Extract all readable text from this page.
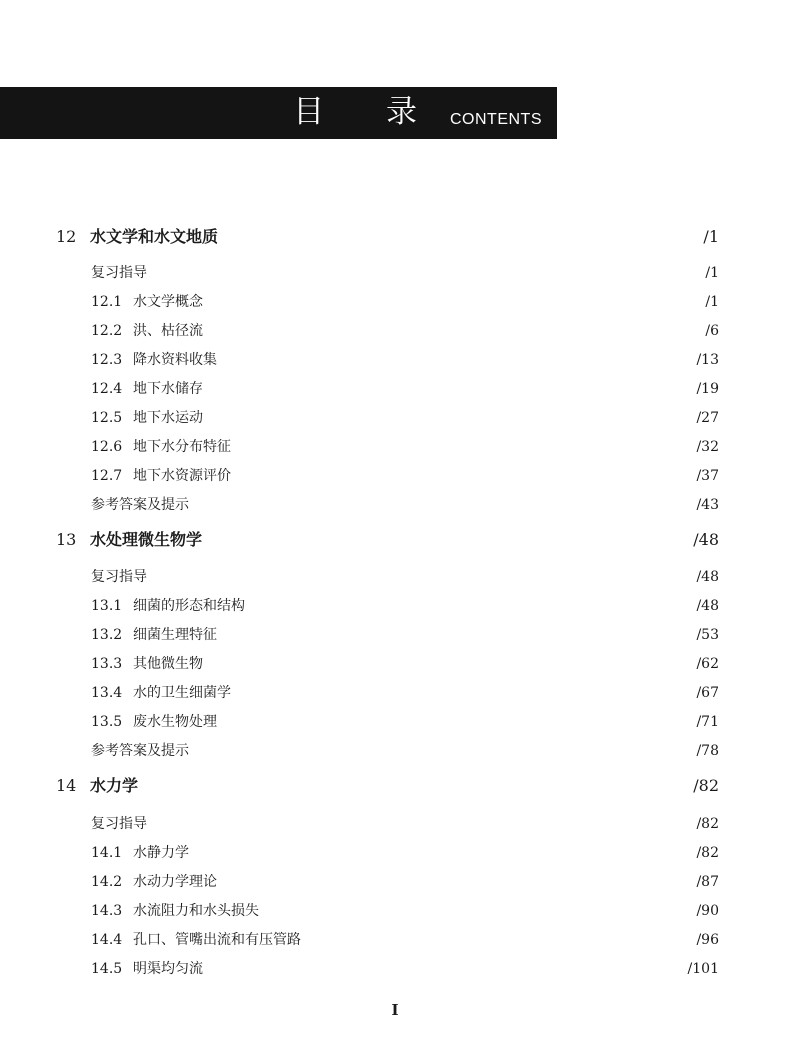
目 录 CONTENTS
12 水文学和水文地质	/1
复习指导	/1
12.1 水文学概念	/1
12.2 洪、枯径流	/6
12.3 降水资料收集	/13
12.4 地下水储存	/19
12.5 地下水运动	/27
12.6 地下水分布特征	/32
12.7 地下水资源评价	/37
参考答案及提示	/43
13 水处理微生物学	/48
复习指导	/48
13.1 细菌的形态和结构	/48
13.2 细菌生理特征	/53
13.3 其他微生物	/62
13.4 水的卫生细菌学	/67
13.5 废水生物处理	/71
参考答案及提示	/78
14 水力学	/82
复习指导	/82
14.1 水静力学	/82
14.2 水动力学理论	/87
14.3 水流阻力和水头损失	/90
14.4 孔口、管嘴出流和有压管路	/96
14.5 明渠均匀流	/101
I
